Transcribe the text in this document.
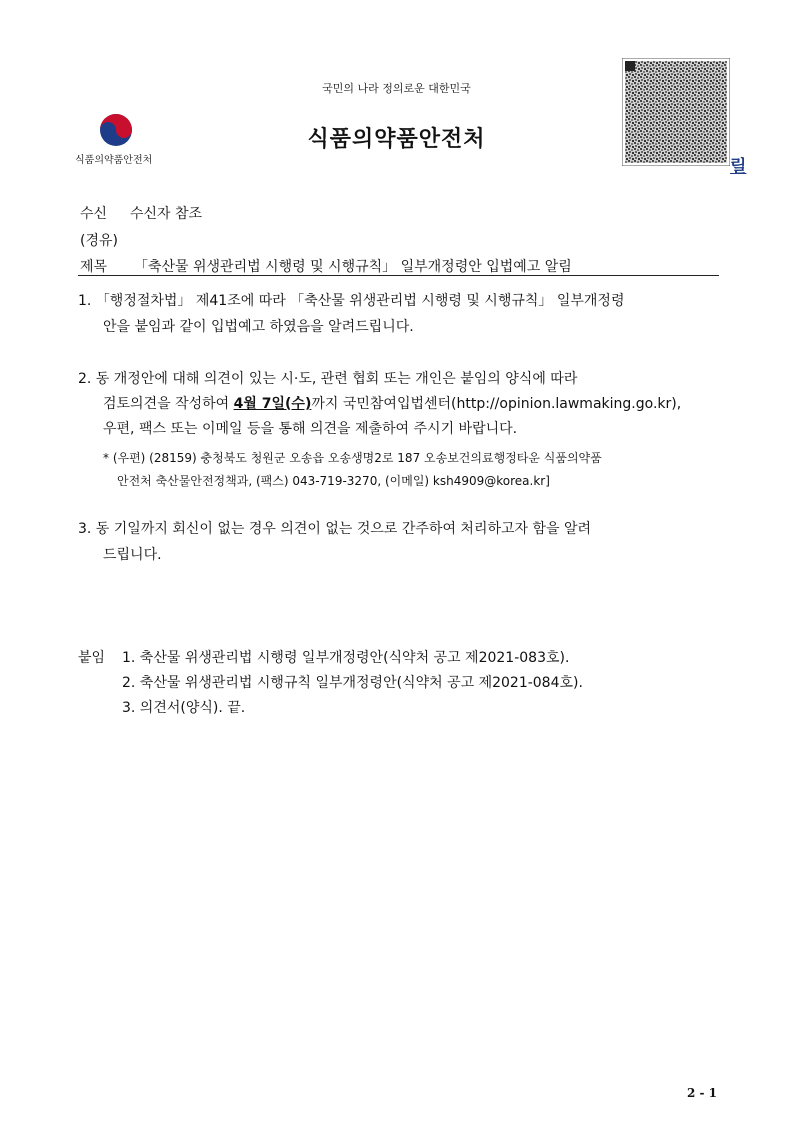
국민의 나라 정의로운 대한민국
식품의약품안전처
식품의약품안전처
릴
수신 수신자 참조
(경유)
제목 「축산물 위생관리법 시행령 및 시행규칙」 일부개정령안 입법예고 알림
1. 「행정절차법」 제41조에 따라 「축산물 위생관리법 시행령 및 시행규칙」 일부개정령
안을 붙임과 같이 입법예고 하였음을 알려드립니다.
2. 동 개정안에 대해 의견이 있는 시·도, 관련 협회 또는 개인은 붙임의 양식에 따라
검토의견을 작성하여 4월 7일(수)까지 국민참여입법센터(http://opinion.lawmaking.go.kr),
우편, 팩스 또는 이메일 등을 통해 의견을 제출하여 주시기 바랍니다.
* (우편) (28159) 충청북도 청원군 오송읍 오송생명2로 187 오송보건의료행정타운 식품의약품
안전처 축산물안전정책과, (팩스) 043-719-3270, (이메일) ksh4909@korea.kr]
3. 동 기일까지 회신이 없는 경우 의견이 없는 것으로 간주하여 처리하고자 함을 알려
드립니다.
붙임 1. 축산물 위생관리법 시행령 일부개정령안(식약처 공고 제2021-083호).
2. 축산물 위생관리법 시행규칙 일부개정령안(식약처 공고 제2021-084호).
3. 의견서(양식). 끝.
2 - 1
